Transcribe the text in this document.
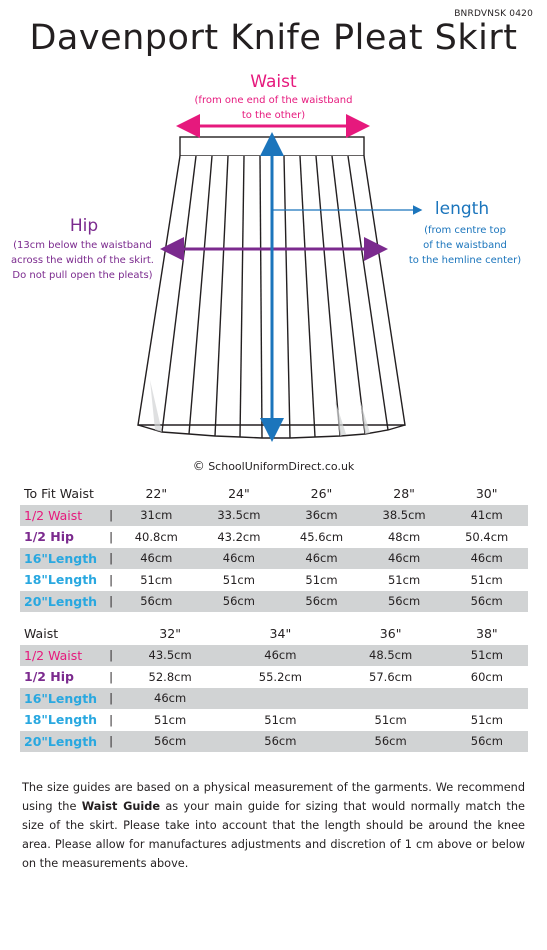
BNRDVNSK 0420
Davenport Knife Pleat Skirt
Waist
(from one end of the waistband
to the other)
Hip
(13cm below the waistband
across the width of the skirt.
Do not pull open the pleats)
length
(from centre top
of the waistband
to the hemline center)
© SchoolUniformDirect.co.uk
To Fit Waist		22"	24"	26"	28"	30"
1/2 Waist	|	31cm	33.5cm	36cm	38.5cm	41cm
1/2 Hip	|	40.8cm	43.2cm	45.6cm	48cm	50.4cm
16"Length	|	46cm	46cm	46cm	46cm	46cm
18"Length	|	51cm	51cm	51cm	51cm	51cm
20"Length	|	56cm	56cm	56cm	56cm	56cm
Waist		32"	34"	36"	38"	
1/2 Waist	|	43.5cm	46cm	48.5cm	51cm	
1/2 Hip	|	52.8cm	55.2cm	57.6cm	60cm	
16"Length	|	46cm				
18"Length	|	51cm	51cm	51cm	51cm	
20"Length	|	56cm	56cm	56cm	56cm	
The size guides are based on a physical measurement of the garments. We recommend using the Waist Guide as your main guide for sizing that would normally match the size of the skirt. Please take into account that the length should be around the knee area. Please allow for manufactures adjustments and discretion of 1 cm above or below on the measurements above.
